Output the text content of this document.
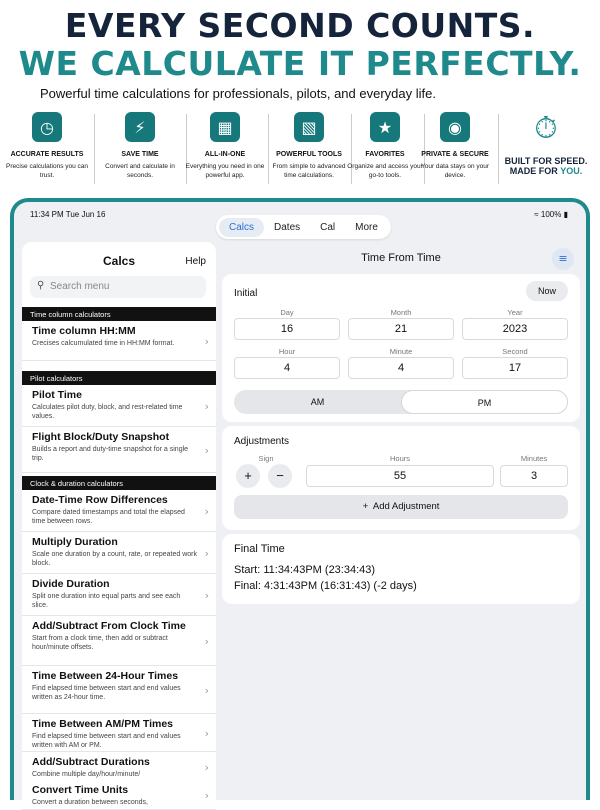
EVERY SECOND COUNTS.
WE CALCULATE IT PERFECTLY.
Powerful time calculations for professionals, pilots, and everyday life.
◷
ACCURATE RESULTS
Precise calculations you can trust.
⚡
SAVE TIME
Convert and calculate in seconds.
▦
ALL-IN-ONE
Everything you need in one powerful app.
▧
POWERFUL TOOLS
From simple to advanced time calculations.
★
FAVORITES
Organize and access your go-to tools.
◉
PRIVATE & SECURE
Your data stays on your device.
⏱
BUILT FOR SPEED.
MADE FOR YOU.
11:34 PM Tue Jun 16	≈ 100% ▮
Calcs	Dates	Cal	More
Calcs	Help
⚲ Search menu
Time column calculators
Time column HH:MM
Crecises calcumulated time in HH:MM format.	›
Pilot calculators
Pilot Time
Calculates pilot duty, block, and rest-related time values.
›
Flight Block/Duty Snapshot
Builds a report and duty-time snapshot for a single trip.
›
Clock & duration calculators
Date-Time Row Differences
Compare dated timestamps and total the elapsed time between rows.
›
Multiply Duration
Scale one duration by a count, rate, or repeated work block.
›
Divide Duration
Split one duration into equal parts and see each slice.
›
Add/Subtract From Clock Time
Start from a clock time, then add or subtract hour/minute offsets.	›
Time Between 24-Hour Times
Find elapsed time between start and end values written as 24-hour time.
›
Time Between AM/PM Times
Find elapsed time between start and end values written with AM or PM.
›
Add/Subtract Durations
Combine multiple day/hour/minute/
›
Convert Time Units
Convert a duration between seconds,
›
Time From Time	≡
Initial	Now
Day	Month	Year
16	21	2023
Hour	Minute	Second
4	4	17
AM	PM
Adjustments
Sign	Hours	Minutes
+	−	55	3
+ Add Adjustment
Final Time
Start: 11:34:43PM (23:34:43)
Final: 4:31:43PM (16:31:43) (-2 days)
